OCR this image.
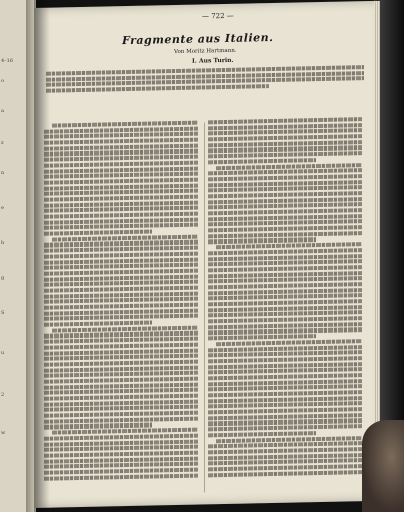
4–16
o
a
z
n
e
h
g
S
u
2
w
— 722 —
Fragmente aus Italien.
Von Moritz Hartmann.
I. Aus Turin.
